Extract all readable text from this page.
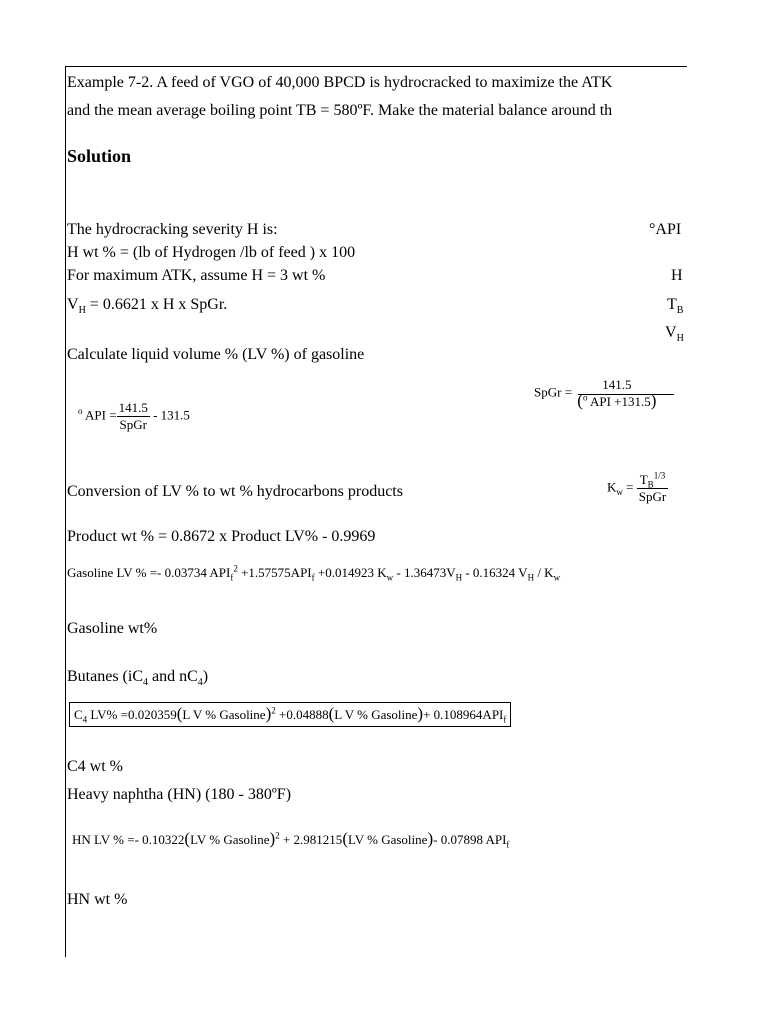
Example 7-2. A feed of VGO of 40,000 BPCD is hydrocracked to maximize the ATK
and the mean average boiling point TB = 580ºF. Make the material balance around th
Solution
The hydrocracking severity H is:
H wt % = (lb of Hydrogen /lb of feed ) x 100
For maximum ATK, assume H = 3 wt %
$V_H = 0.6621$ x H x SpGr.
°API
H
$T_B$
$V_H$
Calculate liquid volume % (LV %) of gasoline
SpGr =	141.5
($^o$ API +131.5)
$^o$ API = $\frac{141.5}{\text{SpGr}} - 131.5$
$K_w = \frac{T_B^{1/3}}{\text{SpGr}}$
Conversion of LV % to wt % hydrocarbons products
Product wt % = 0.8672 x Product LV% - 0.9969
Gasoline LV % =- 0.03734 $API_f^2 +1.57575API_f +0.014923$ $K_w - 1.36473V_H - 0.16324$ $V_H / K_w$
Gasoline wt%
Butanes ($iC_4$ and $nC_4$)
$C_4$ LV% =0.020359(L V % Gasoline)$^2$ +0.04888(L V % Gasoline)+ $0.108964API_f$
C4 wt %
Heavy naphtha (HN) (180 - 380ºF)
HN LV % =- 0.10322(LV % Gasoline)$^2$ + 2.981215(LV % Gasoline)- 0.07898 $API_f$
HN wt %
